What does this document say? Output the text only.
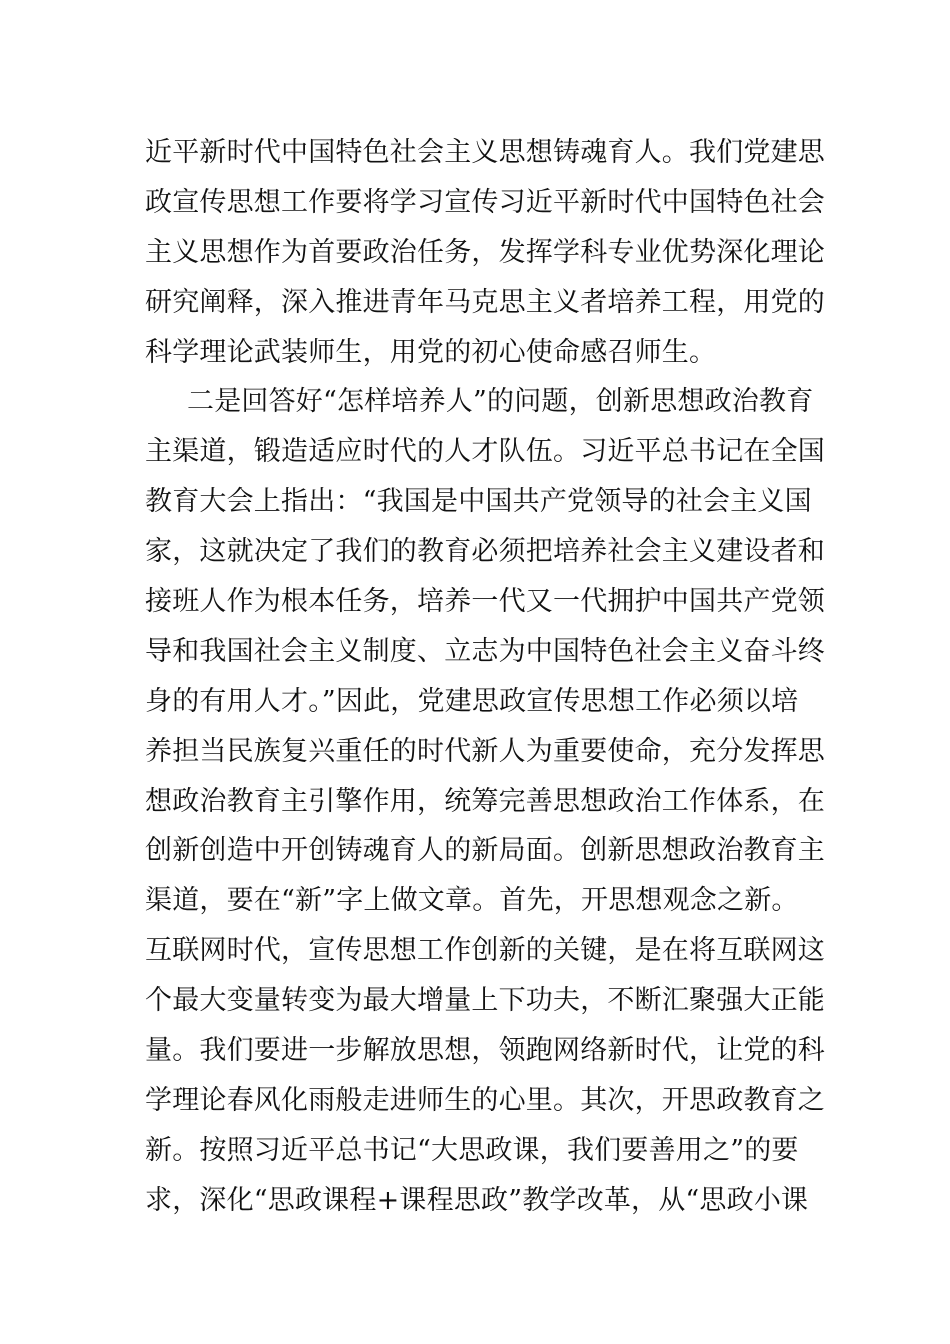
近平新时代中国特色社会主义思想铸魂育人。我们党建思
政宣传思想工作要将学习宣传习近平新时代中国特色社会
主义思想作为首要政治任务，发挥学科专业优势深化理论
研究阐释，深入推进青年马克思主义者培养工程，用党的
科学理论武装师生，用党的初心使命感召师生。
二是回答好“怎样培养人”的问题，创新思想政治教育
主渠道，锻造适应时代的人才队伍。习近平总书记在全国
教育大会上指出：“我国是中国共产党领导的社会主义国
家，这就决定了我们的教育必须把培养社会主义建设者和
接班人作为根本任务，培养一代又一代拥护中国共产党领
导和我国社会主义制度、立志为中国特色社会主义奋斗终
身的有用人才。”因此，党建思政宣传思想工作必须以培
养担当民族复兴重任的时代新人为重要使命，充分发挥思
想政治教育主引擎作用，统筹完善思想政治工作体系，在
创新创造中开创铸魂育人的新局面。创新思想政治教育主
渠道，要在“新”字上做文章。首先，开思想观念之新。
互联网时代，宣传思想工作创新的关键，是在将互联网这
个最大变量转变为最大增量上下功夫，不断汇聚强大正能
量。我们要进一步解放思想，领跑网络新时代，让党的科
学理论春风化雨般走进师生的心里。其次，开思政教育之
新。按照习近平总书记“大思政课，我们要善用之”的要
求，深化“思政课程+课程思政”教学改革，从“思政小课
